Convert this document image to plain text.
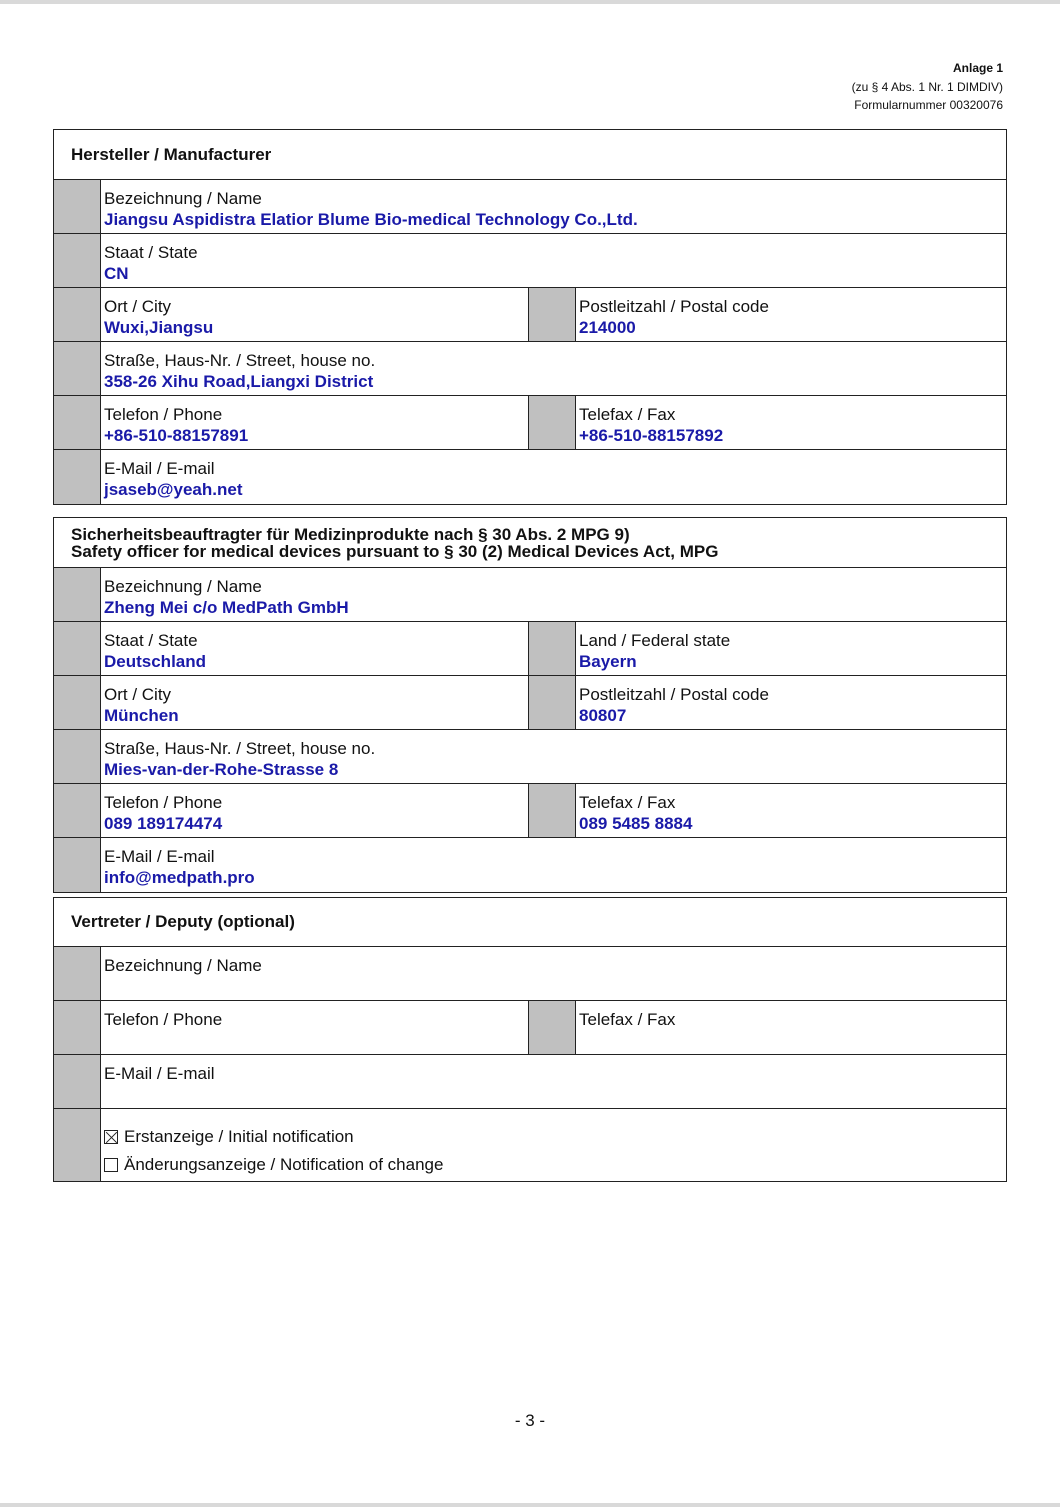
Anlage 1
(zu § 4 Abs. 1 Nr. 1 DIMDIV)
Formularnummer 00320076
Hersteller / Manufacturer
Bezeichnung / Name
Jiangsu Aspidistra Elatior Blume Bio-medical Technology Co.,Ltd.
Staat / State
CN
Ort / City
Wuxi,Jiangsu
Postleitzahl / Postal code
214000
Straße, Haus-Nr. / Street, house no.
358-26 Xihu Road,Liangxi District
Telefon / Phone
+86-510-88157891
Telefax / Fax
+86-510-88157892
E-Mail / E-mail
jsaseb@yeah.net
Sicherheitsbeauftragter für Medizinprodukte nach § 30 Abs. 2 MPG 9)
Safety officer for medical devices pursuant to § 30 (2) Medical Devices Act, MPG
Bezeichnung / Name
Zheng Mei c/o MedPath GmbH
Staat / State
Deutschland
Land / Federal state
Bayern
Ort / City
München
Postleitzahl / Postal code
80807
Straße, Haus-Nr. / Street, house no.
Mies-van-der-Rohe-Strasse 8
Telefon / Phone
089 189174474
Telefax / Fax
089 5485 8884
E-Mail / E-mail
info@medpath.pro
Vertreter / Deputy (optional)
Bezeichnung / Name
Telefon / Phone	Telefax / Fax
E-Mail / E-mail
Erstanzeige / Initial notification
Änderungsanzeige / Notification of change
- 3 -
